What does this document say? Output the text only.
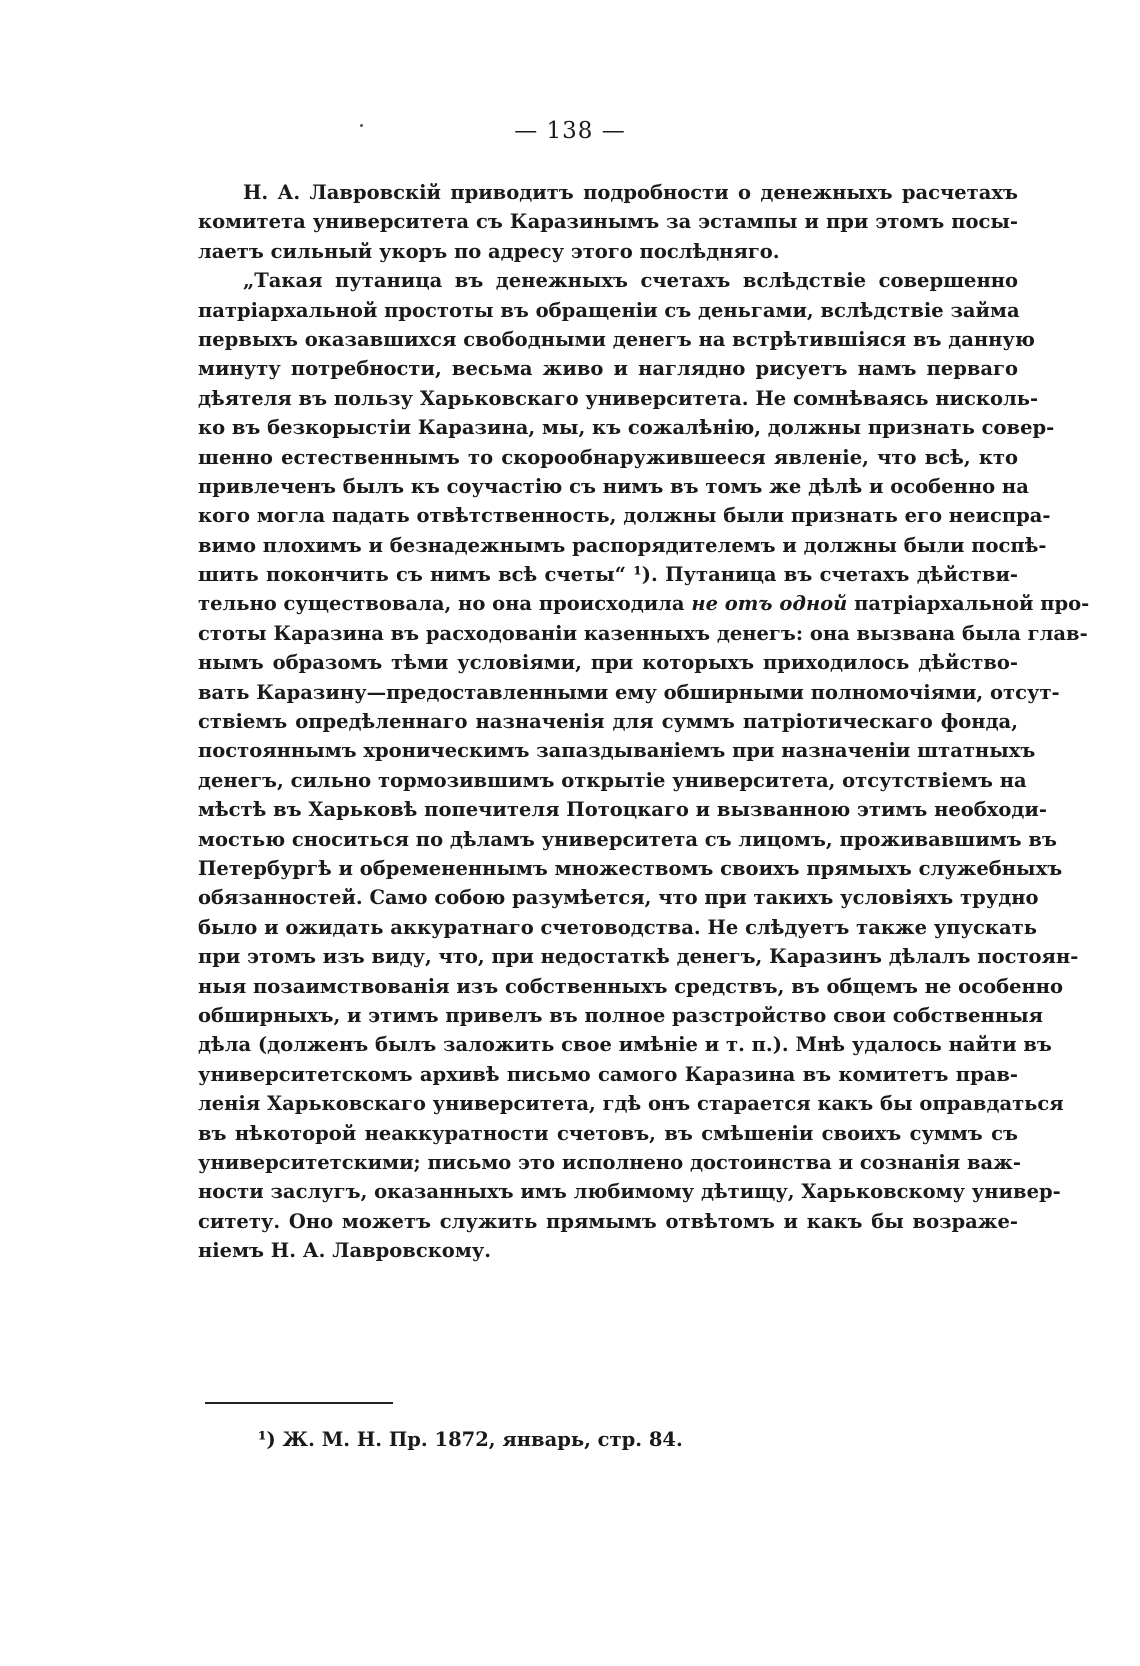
— 138 —
Н. А. Лавровскій приводитъ подробности о денежныхъ расчетахъ
комитета университета съ Каразинымъ за эстампы и при этомъ посы-
лаетъ сильный укоръ по адресу этого послѣдняго.
„Такая путаница въ денежныхъ счетахъ вслѣдствіе совершенно
патріархальной простоты въ обращеніи съ деньгами, вслѣдствіе займа
первыхъ оказавшихся свободными денегъ на встрѣтившіяся въ данную
минуту потребности, весьма живо и наглядно рисуетъ намъ перваго
дѣятеля въ пользу Харьковскаго университета. Не сомнѣваясь нисколь-
ко въ безкорыстіи Каразина, мы, къ сожалѣнію, должны признать совер-
шенно естественнымъ то скорообнаружившееся явленіе, что всѣ, кто
привлеченъ былъ къ соучастію съ нимъ въ томъ же дѣлѣ и особенно на
кого могла падать отвѣтственность, должны были признать его неиспра-
вимо плохимъ и безнадежнымъ распорядителемъ и должны были поспѣ-
шить покончить съ нимъ всѣ счеты“ ¹). Путаница въ счетахъ дѣйстви-
тельно существовала, но она происходила не отъ одной патріархальной про-
стоты Каразина въ расходованіи казенныхъ денегъ: она вызвана была глав-
нымъ образомъ тѣми условіями, при которыхъ приходилось дѣйство-
вать Каразину—предоставленными ему обширными полномочіями, отсут-
ствіемъ опредѣленнаго назначенія для суммъ патріотическаго фонда,
постояннымъ хроническимъ запаздываніемъ при назначеніи штатныхъ
денегъ, сильно тормозившимъ открытіе университета, отсутствіемъ на
мѣстѣ въ Харьковѣ попечителя Потоцкаго и вызванною этимъ необходи-
мостью сноситься по дѣламъ университета съ лицомъ, проживавшимъ въ
Петербургѣ и обремененнымъ множествомъ своихъ прямыхъ служебныхъ
обязанностей. Само собою разумѣется, что при такихъ условіяхъ трудно
было и ожидать аккуратнаго счетоводства. Не слѣдуетъ также упускать
при этомъ изъ виду, что, при недостаткѣ денегъ, Каразинъ дѣлалъ постоян-
ныя позаимствованія изъ собственныхъ средствъ, въ общемъ не особенно
обширныхъ, и этимъ привелъ въ полное разстройство свои собственныя
дѣла (долженъ былъ заложить свое имѣніе и т. п.). Мнѣ удалось найти въ
университетскомъ архивѣ письмо самого Каразина въ комитетъ прав-
ленія Харьковскаго университета, гдѣ онъ старается какъ бы оправдаться
въ нѣкоторой неаккуратности счетовъ, въ смѣшеніи своихъ суммъ съ
университетскими; письмо это исполнено достоинства и сознанія важ-
ности заслугъ, оказанныхъ имъ любимому дѣтищу, Харьковскому универ-
ситету. Оно можетъ служить прямымъ отвѣтомъ и какъ бы возраже-
ніемъ Н. А. Лавровскому.
¹) Ж. М. Н. Пр. 1872, январь, стр. 84.
